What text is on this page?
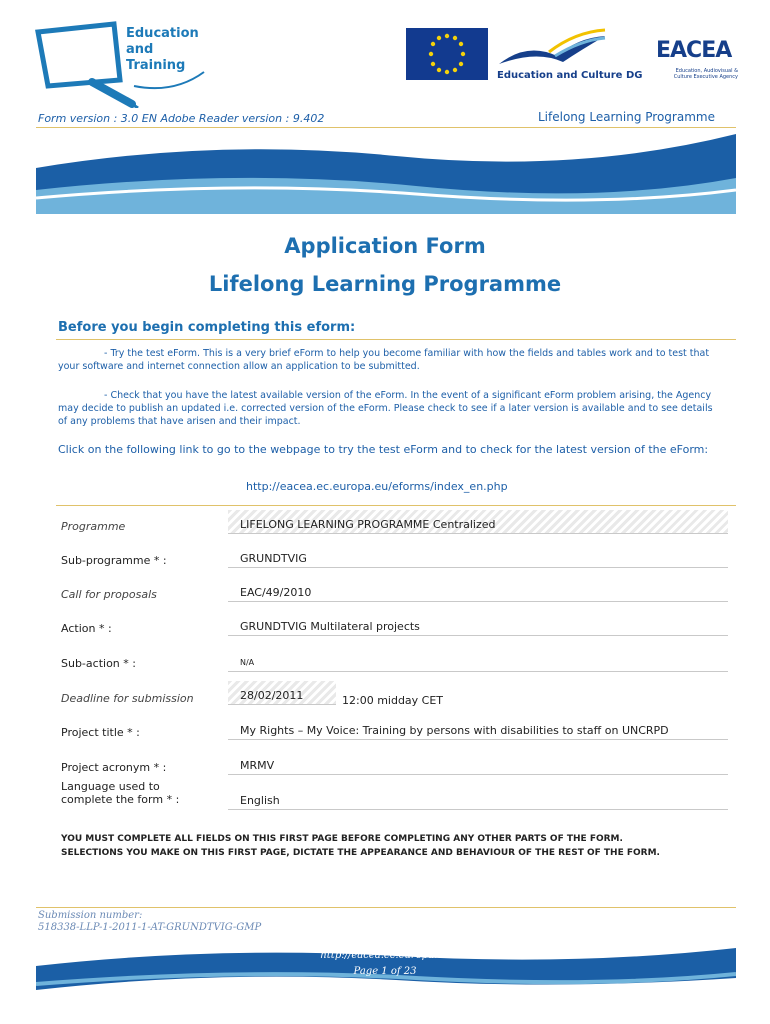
Education
and
Training
Education and Culture DG
EACEA
Education, Audiovisual & Culture Executive Agency
Form version : 3.0 EN Adobe Reader version : 9.402	Lifelong Learning Programme
Application Form
Lifelong Learning Programme
Before you begin completing this eform:
- Try the test eForm. This is a very brief eForm to help you become familiar with how the fields and tables work and to test that your software and internet connection allow an application to be submitted.
- Check that you have the latest available version of the eForm. In the event of a significant eForm problem arising, the Agency may decide to publish an updated i.e. corrected version of the eForm. Please check to see if a later version is available and to see details of any problems that have arisen and their impact.
Click on the following link to go to the webpage to try the test eForm and to check for the latest version of the eForm:
http://eacea.ec.europa.eu/eforms/index_en.php
Programme	LIFELONG LEARNING PROGRAMME Centralized
Sub-programme * :	GRUNDTVIG
Call for proposals	EAC/49/2010
Action * :	GRUNDTVIG Multilateral projects
Sub-action * :	N/A
Deadline for submission	28/02/2011	12:00 midday CET
Project title * :	My Rights – My Voice: Training by persons with disabilities to staff on UNCRPD
Project acronym * :	MRMV
Language used to
complete the form * :	English
YOU MUST COMPLETE ALL FIELDS ON THIS FIRST PAGE BEFORE COMPLETING ANY OTHER PARTS OF THE FORM.
SELECTIONS YOU MAKE ON THIS FIRST PAGE, DICTATE THE APPEARANCE AND BEHAVIOUR OF THE REST OF THE FORM.
Submission number:
518338-LLP-1-2011-1-AT-GRUNDTVIG-GMP
http://eacea.ec.europa.eu
Page 1 of 23
